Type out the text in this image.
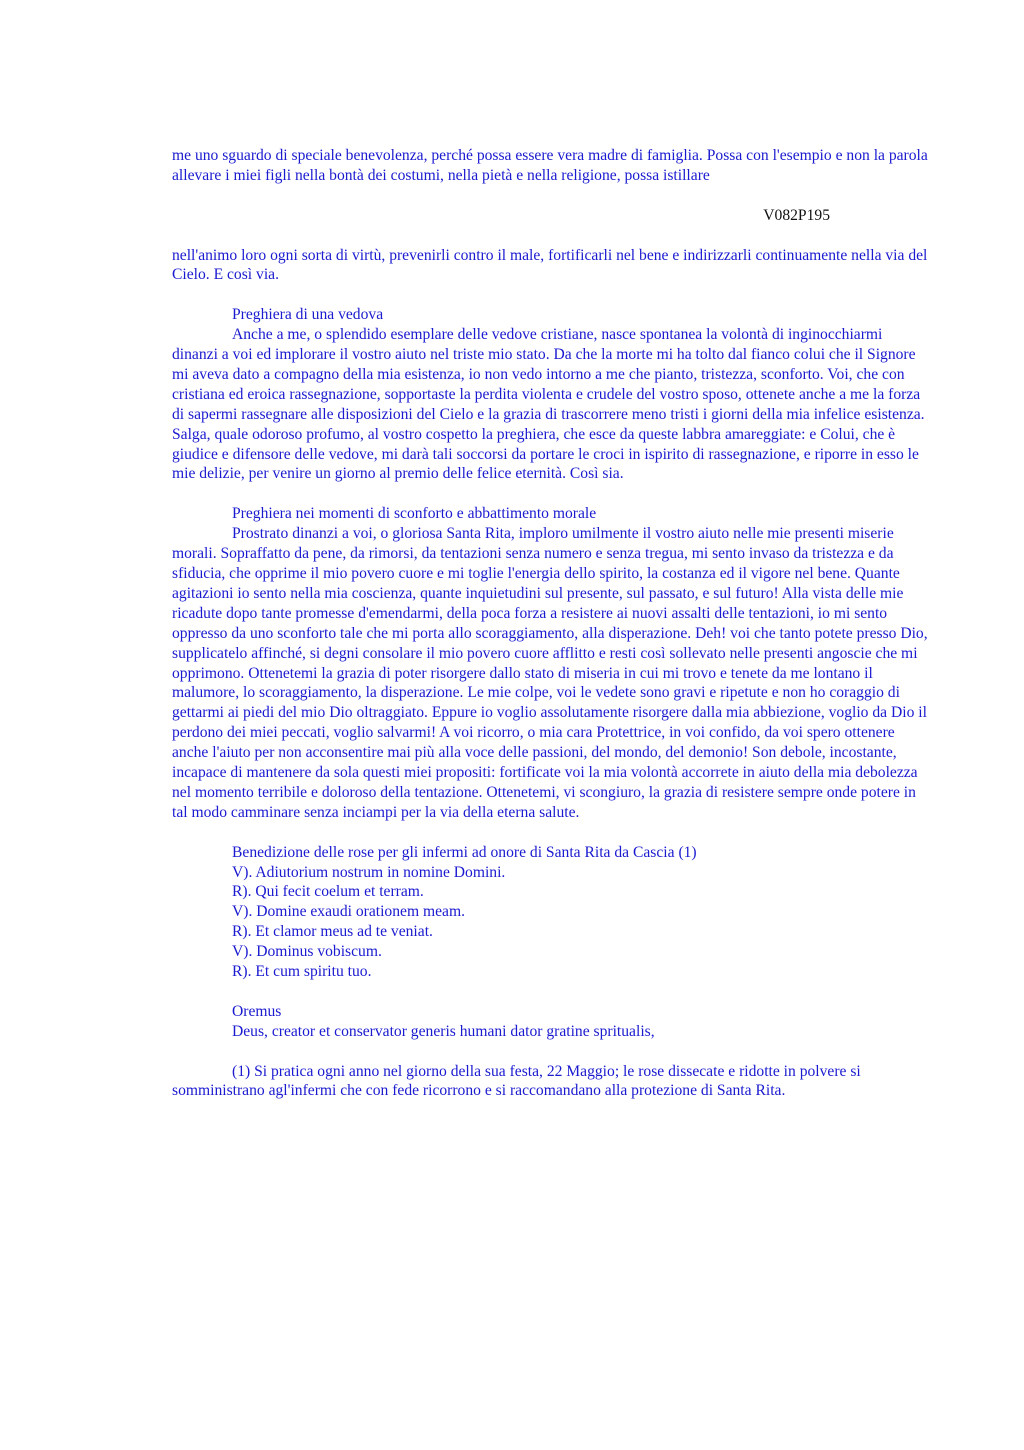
me uno sguardo di speciale benevolenza, perché possa essere vera madre di famiglia. Possa con l'esempio e non la parola allevare i miei figli nella bontà dei costumi, nella pietà e nella religione, possa istillare

V082P195

nell'animo loro ogni sorta di virtù, prevenirli contro il male, fortificarli nel bene e indirizzarli continuamente nella via del Cielo. E così via.

Preghiera di una vedova

Anche a me, o splendido esemplare delle vedove cristiane, nasce spontanea la volontà di inginocchiarmi dinanzi a voi ed implorare il vostro aiuto nel triste mio stato. Da che la morte mi ha tolto dal fianco colui che il Signore mi aveva dato a compagno della mia esistenza, io non vedo intorno a me che pianto, tristezza, sconforto. Voi, che con cristiana ed eroica rassegnazione, sopportaste la perdita violenta e crudele del vostro sposo, ottenete anche a me la forza di sapermi rassegnare alle disposizioni del Cielo e la grazia di trascorrere meno tristi i giorni della mia infelice esistenza. Salga, quale odoroso profumo, al vostro cospetto la preghiera, che esce da queste labbra amareggiate: e Colui, che è giudice e difensore delle vedove, mi darà tali soccorsi da portare le croci in ispirito di rassegnazione, e riporre in esso le mie delizie, per venire un giorno al premio delle felice eternità. Così sia.

Preghiera nei momenti di sconforto e abbattimento morale

Prostrato dinanzi a voi, o gloriosa Santa Rita, imploro umilmente il vostro aiuto nelle mie presenti miserie morali. Sopraffatto da pene, da rimorsi, da tentazioni senza numero e senza tregua, mi sento invaso da tristezza e da sfiducia, che opprime il mio povero cuore e mi toglie l'energia dello spirito, la costanza ed il vigore nel bene. Quante agitazioni io sento nella mia coscienza, quante inquietudini sul presente, sul passato, e sul futuro! Alla vista delle mie ricadute dopo tante promesse d'emendarmi, della poca forza a resistere ai nuovi assalti delle tentazioni, io mi sento oppresso da uno sconforto tale che mi porta allo scoraggiamento, alla disperazione. Deh! voi che tanto potete presso Dio, supplicatelo affinché, si degni consolare il mio povero cuore afflitto e resti così sollevato nelle presenti angoscie che mi opprimono. Ottenetemi la grazia di poter risorgere dallo stato di miseria in cui mi trovo e tenete da me lontano il malumore, lo scoraggiamento, la disperazione. Le mie colpe, voi le vedete sono gravi e ripetute e non ho coraggio di gettarmi ai piedi del mio Dio oltraggiato. Eppure io voglio assolutamente risorgere dalla mia abbiezione, voglio da Dio il perdono dei miei peccati, voglio salvarmi! A voi ricorro, o mia cara Protettrice, in voi confido, da voi spero ottenere anche l'aiuto per non acconsentire mai più alla voce delle passioni, del mondo, del demonio! Son debole, incostante, incapace di mantenere da sola questi miei propositi: fortificate voi la mia volontà accorrete in aiuto della mia debolezza nel momento terribile e doloroso della tentazione. Ottenetemi, vi scongiuro, la grazia di resistere sempre onde potere in tal modo camminare senza inciampi per la via della eterna salute.

Benedizione delle rose per gli infermi ad onore di Santa Rita da Cascia (1)

V). Adiutorium nostrum in nomine Domini.

R). Qui fecit coelum et terram.

V). Domine exaudi orationem meam.

R). Et clamor meus ad te veniat.

V). Dominus vobiscum.

R). Et cum spiritu tuo.

Oremus

Deus, creator et conservator generis humani dator gratine spritualis,

(1) Si pratica ogni anno nel giorno della sua festa, 22 Maggio; le rose dissecate e ridotte in polvere si somministrano agl'infermi che con fede ricorrono e si raccomandano alla protezione di Santa Rita.
